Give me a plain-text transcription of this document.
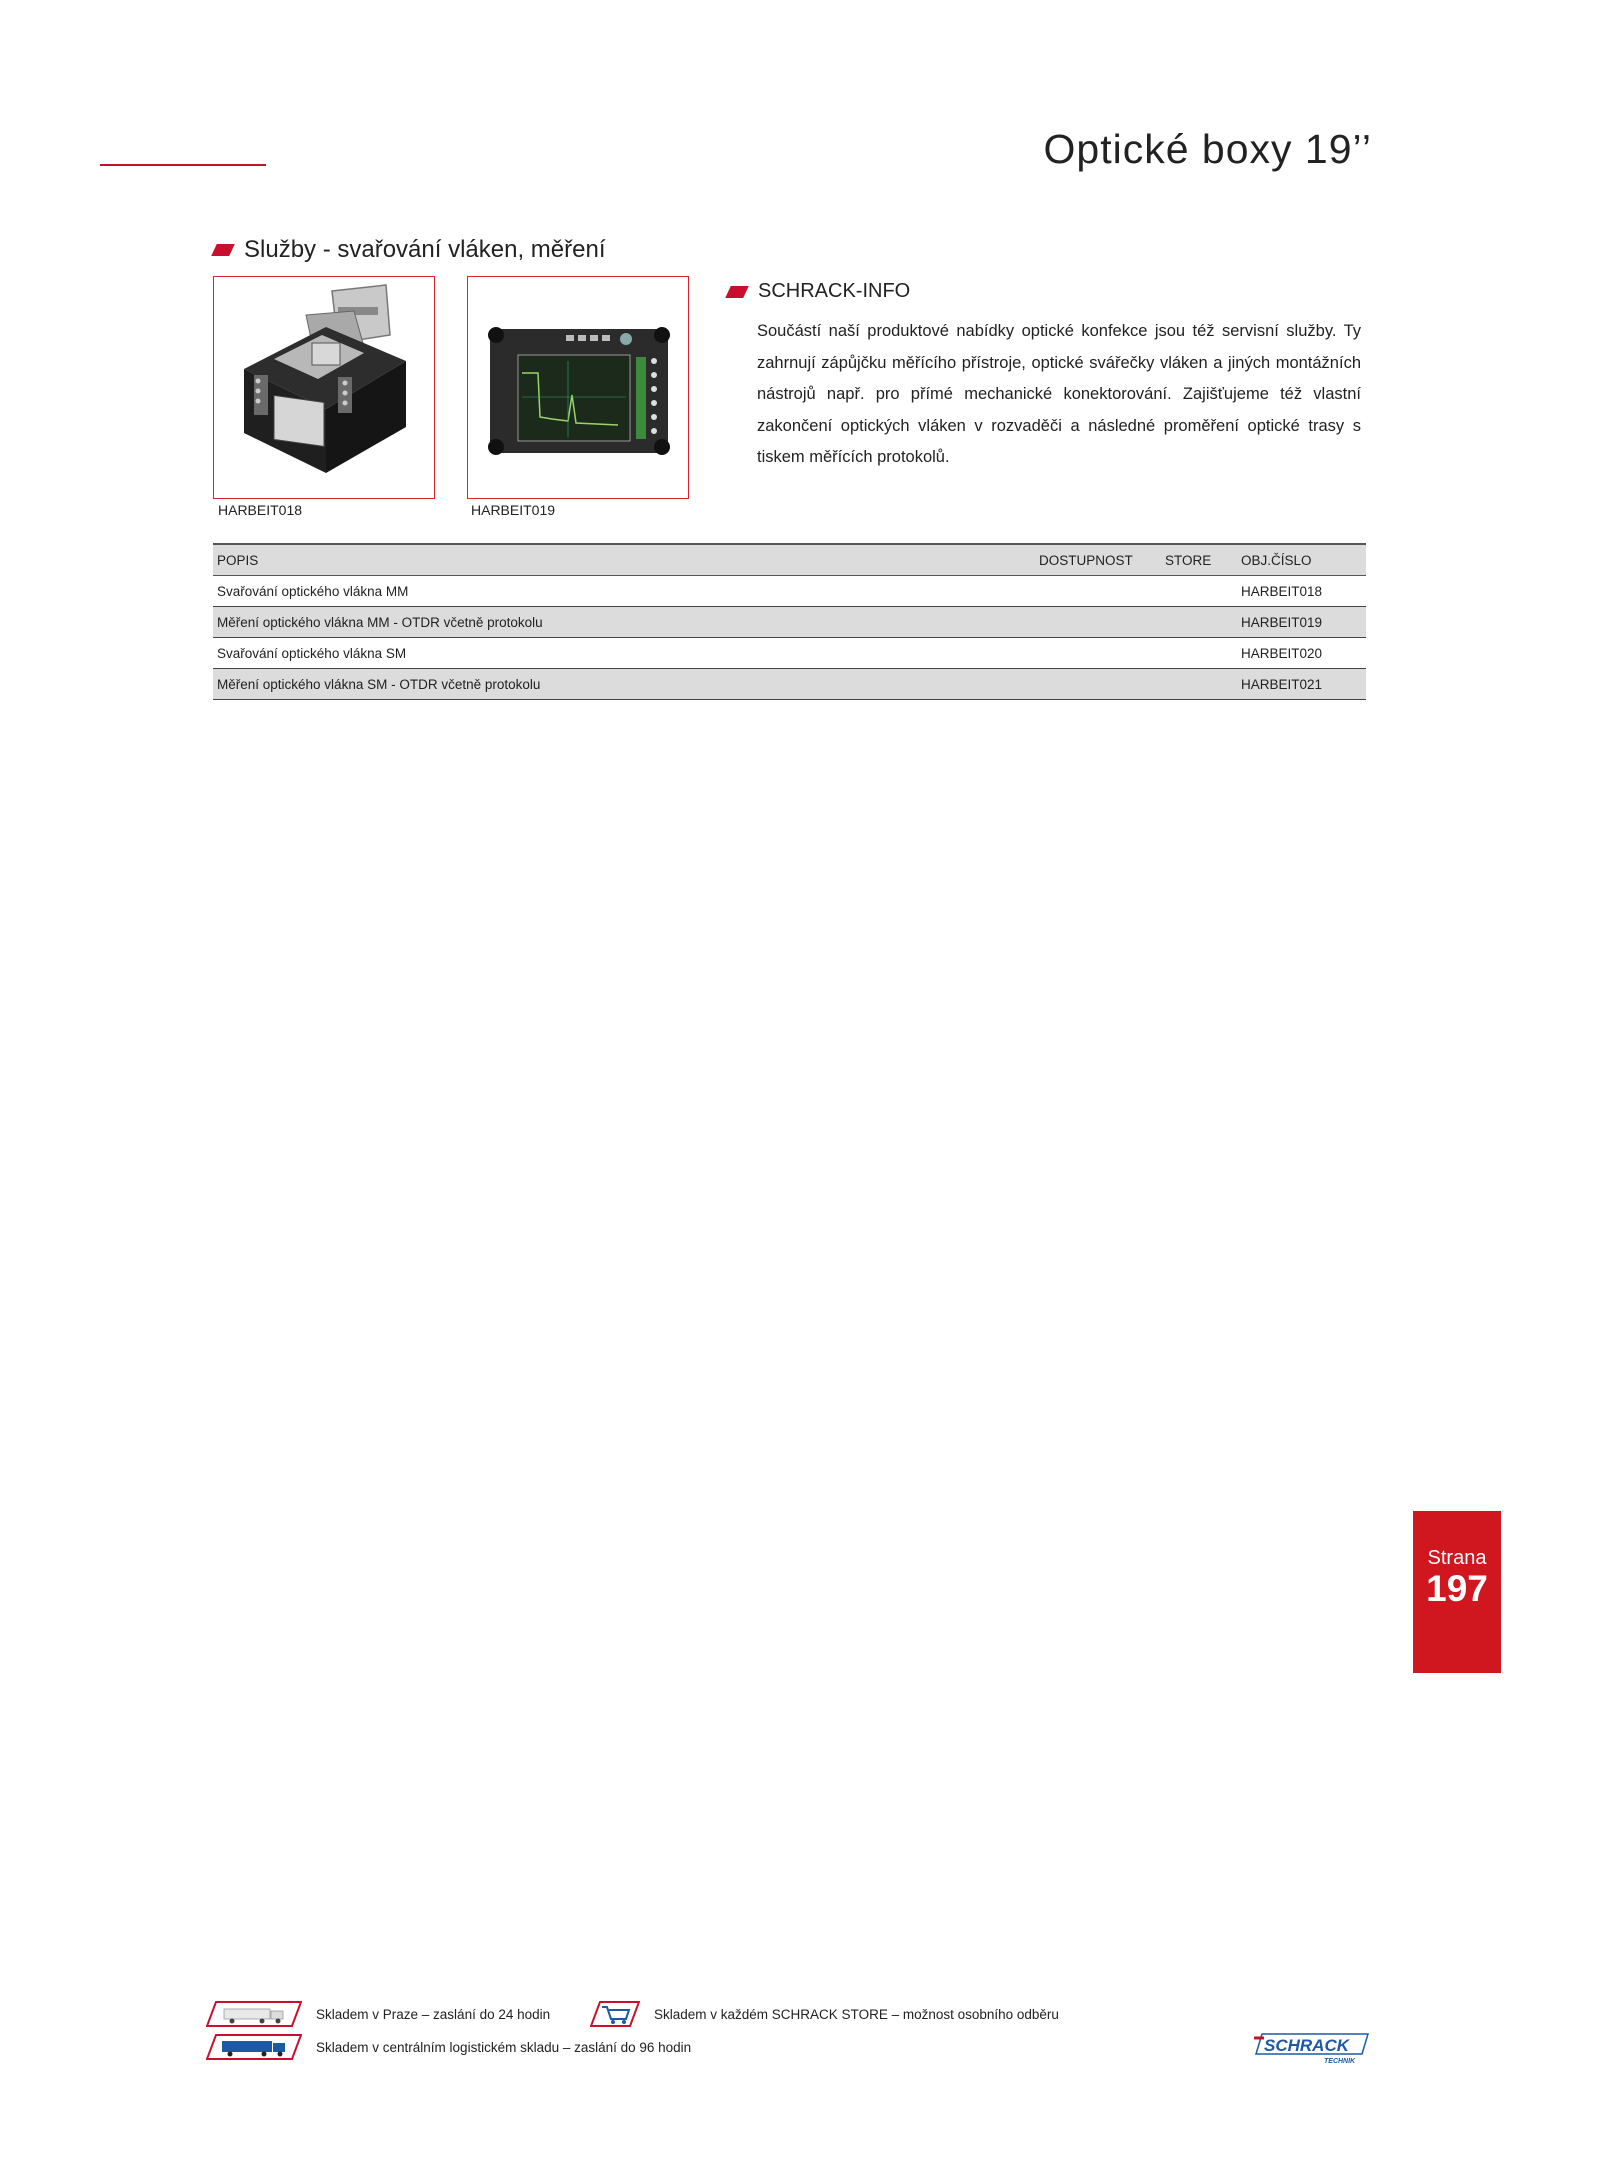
Optické boxy 19’’
Služby - svařování vláken, měření
HARBEIT018	HARBEIT019
SCHRACK-INFO
Součástí naší produktové nabídky optické konfekce jsou též servisní služby. Ty zahrnují zápůjčku měřícího přístroje, optické svářečky vláken a jiných montážních nástrojů např. pro přímé mechanické konektorování. Zajišťujeme též vlastní zakončení optických vláken v rozvaděči a následné proměření optické trasy s tiskem měřících protokolů.
POPIS	DOSTUPNOST	STORE	OBJ.ČÍSLO
Svařování optického vlákna MM			HARBEIT018
Měření optického vlákna MM - OTDR včetně protokolu			HARBEIT019
Svařování optického vlákna SM			HARBEIT020
Měření optického vlákna SM - OTDR včetně protokolu			HARBEIT021
Strana
197
Skladem v Praze – zaslání do 24 hodin	Skladem v každém SCHRACK STORE – možnost osobního odběru
Skladem v centrálním logistickém skladu – zaslání do 96 hodin	SCHRACK
TECHNIK
